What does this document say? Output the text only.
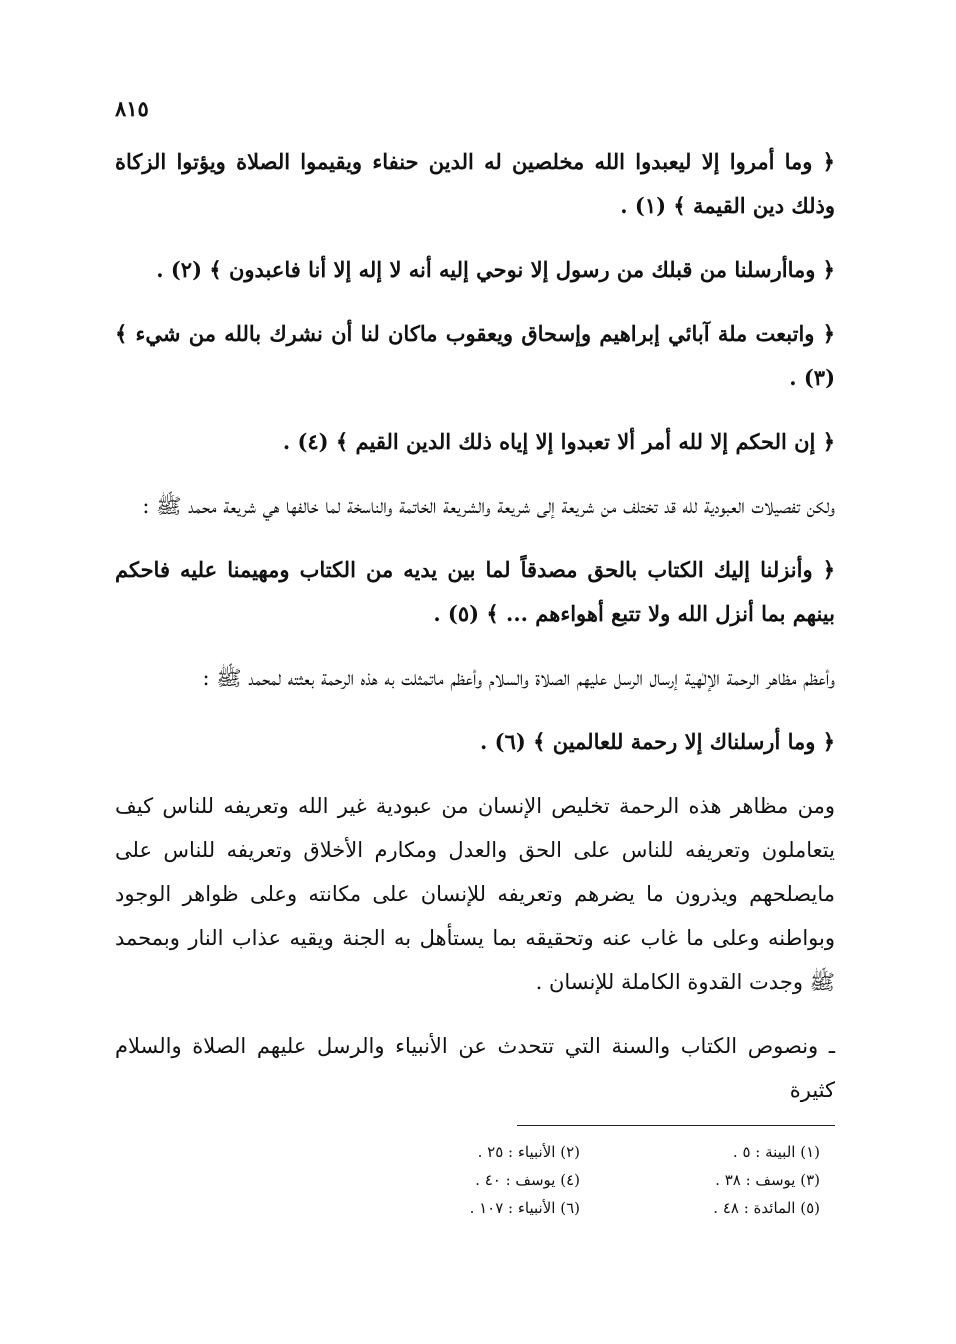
٨١٥

﴿ وما أمروا إلا ليعبدوا الله مخلصين له الدين حنفاء ويقيموا الصلاة ويؤتوا الزكاة وذلك دين القيمة ﴾ (١) .

﴿ وماأرسلنا من قبلك من رسول إلا نوحي إليه أنه لا إله إلا أنا فاعبدون ﴾ (٢) .

﴿ واتبعت ملة آبائي إبراهيم وإسحاق ويعقوب ماكان لنا أن نشرك بالله من شيء ﴾ (٣) .

﴿ إن الحكم إلا لله أمر ألا تعبدوا إلا إياه ذلك الدين القيم ﴾ (٤) .

ولكن تفصيلات العبودية لله قد تختلف من شريعة إلى شريعة والشريعة الخاتمة والناسخة لما خالفها هي شريعة محمد ﷺ :

﴿ وأنزلنا إليك الكتاب بالحق مصدقاً لما بين يديه من الكتاب ومهيمنا عليه فاحكم بينهم بما أنزل الله ولا تتبع أهواءهم ... ﴾ (٥) .

وأعظم مظاهر الرحمة الإلٰهية إرسال الرسل عليهم الصلاة والسلام وأعظم ماتمثلت به هذه الرحمة بعثته لمحمد ﷺ :

﴿ وما أرسلناك إلا رحمة للعالمين ﴾ (٦) .

ومن مظاهر هذه الرحمة تخليص الإنسان من عبودية غير الله وتعريفه للناس كيف يتعاملون وتعريفه للناس على الحق والعدل ومكارم الأخلاق وتعريفه للناس على مايصلحهم ويذرون ما يضرهم وتعريفه للإنسان على مكانته وعلى ظواهر الوجود وبواطنه وعلى ما غاب عنه وتحقيقه بما يستأهل به الجنة ويقيه عذاب النار وبمحمد ﷺ وجدت القدوة الكاملة للإنسان .

ـ ونصوص الكتاب والسنة التي تتحدث عن الأنبياء والرسل عليهم الصلاة والسلام كثيرة

(١) البينة : ٥ .
(٢) الأنبياء : ٢٥ .
(٣) يوسف : ٣٨ .
(٤) يوسف : ٤٠ .
(٥) المائدة : ٤٨ .
(٦) الأنبياء : ١٠٧ .
